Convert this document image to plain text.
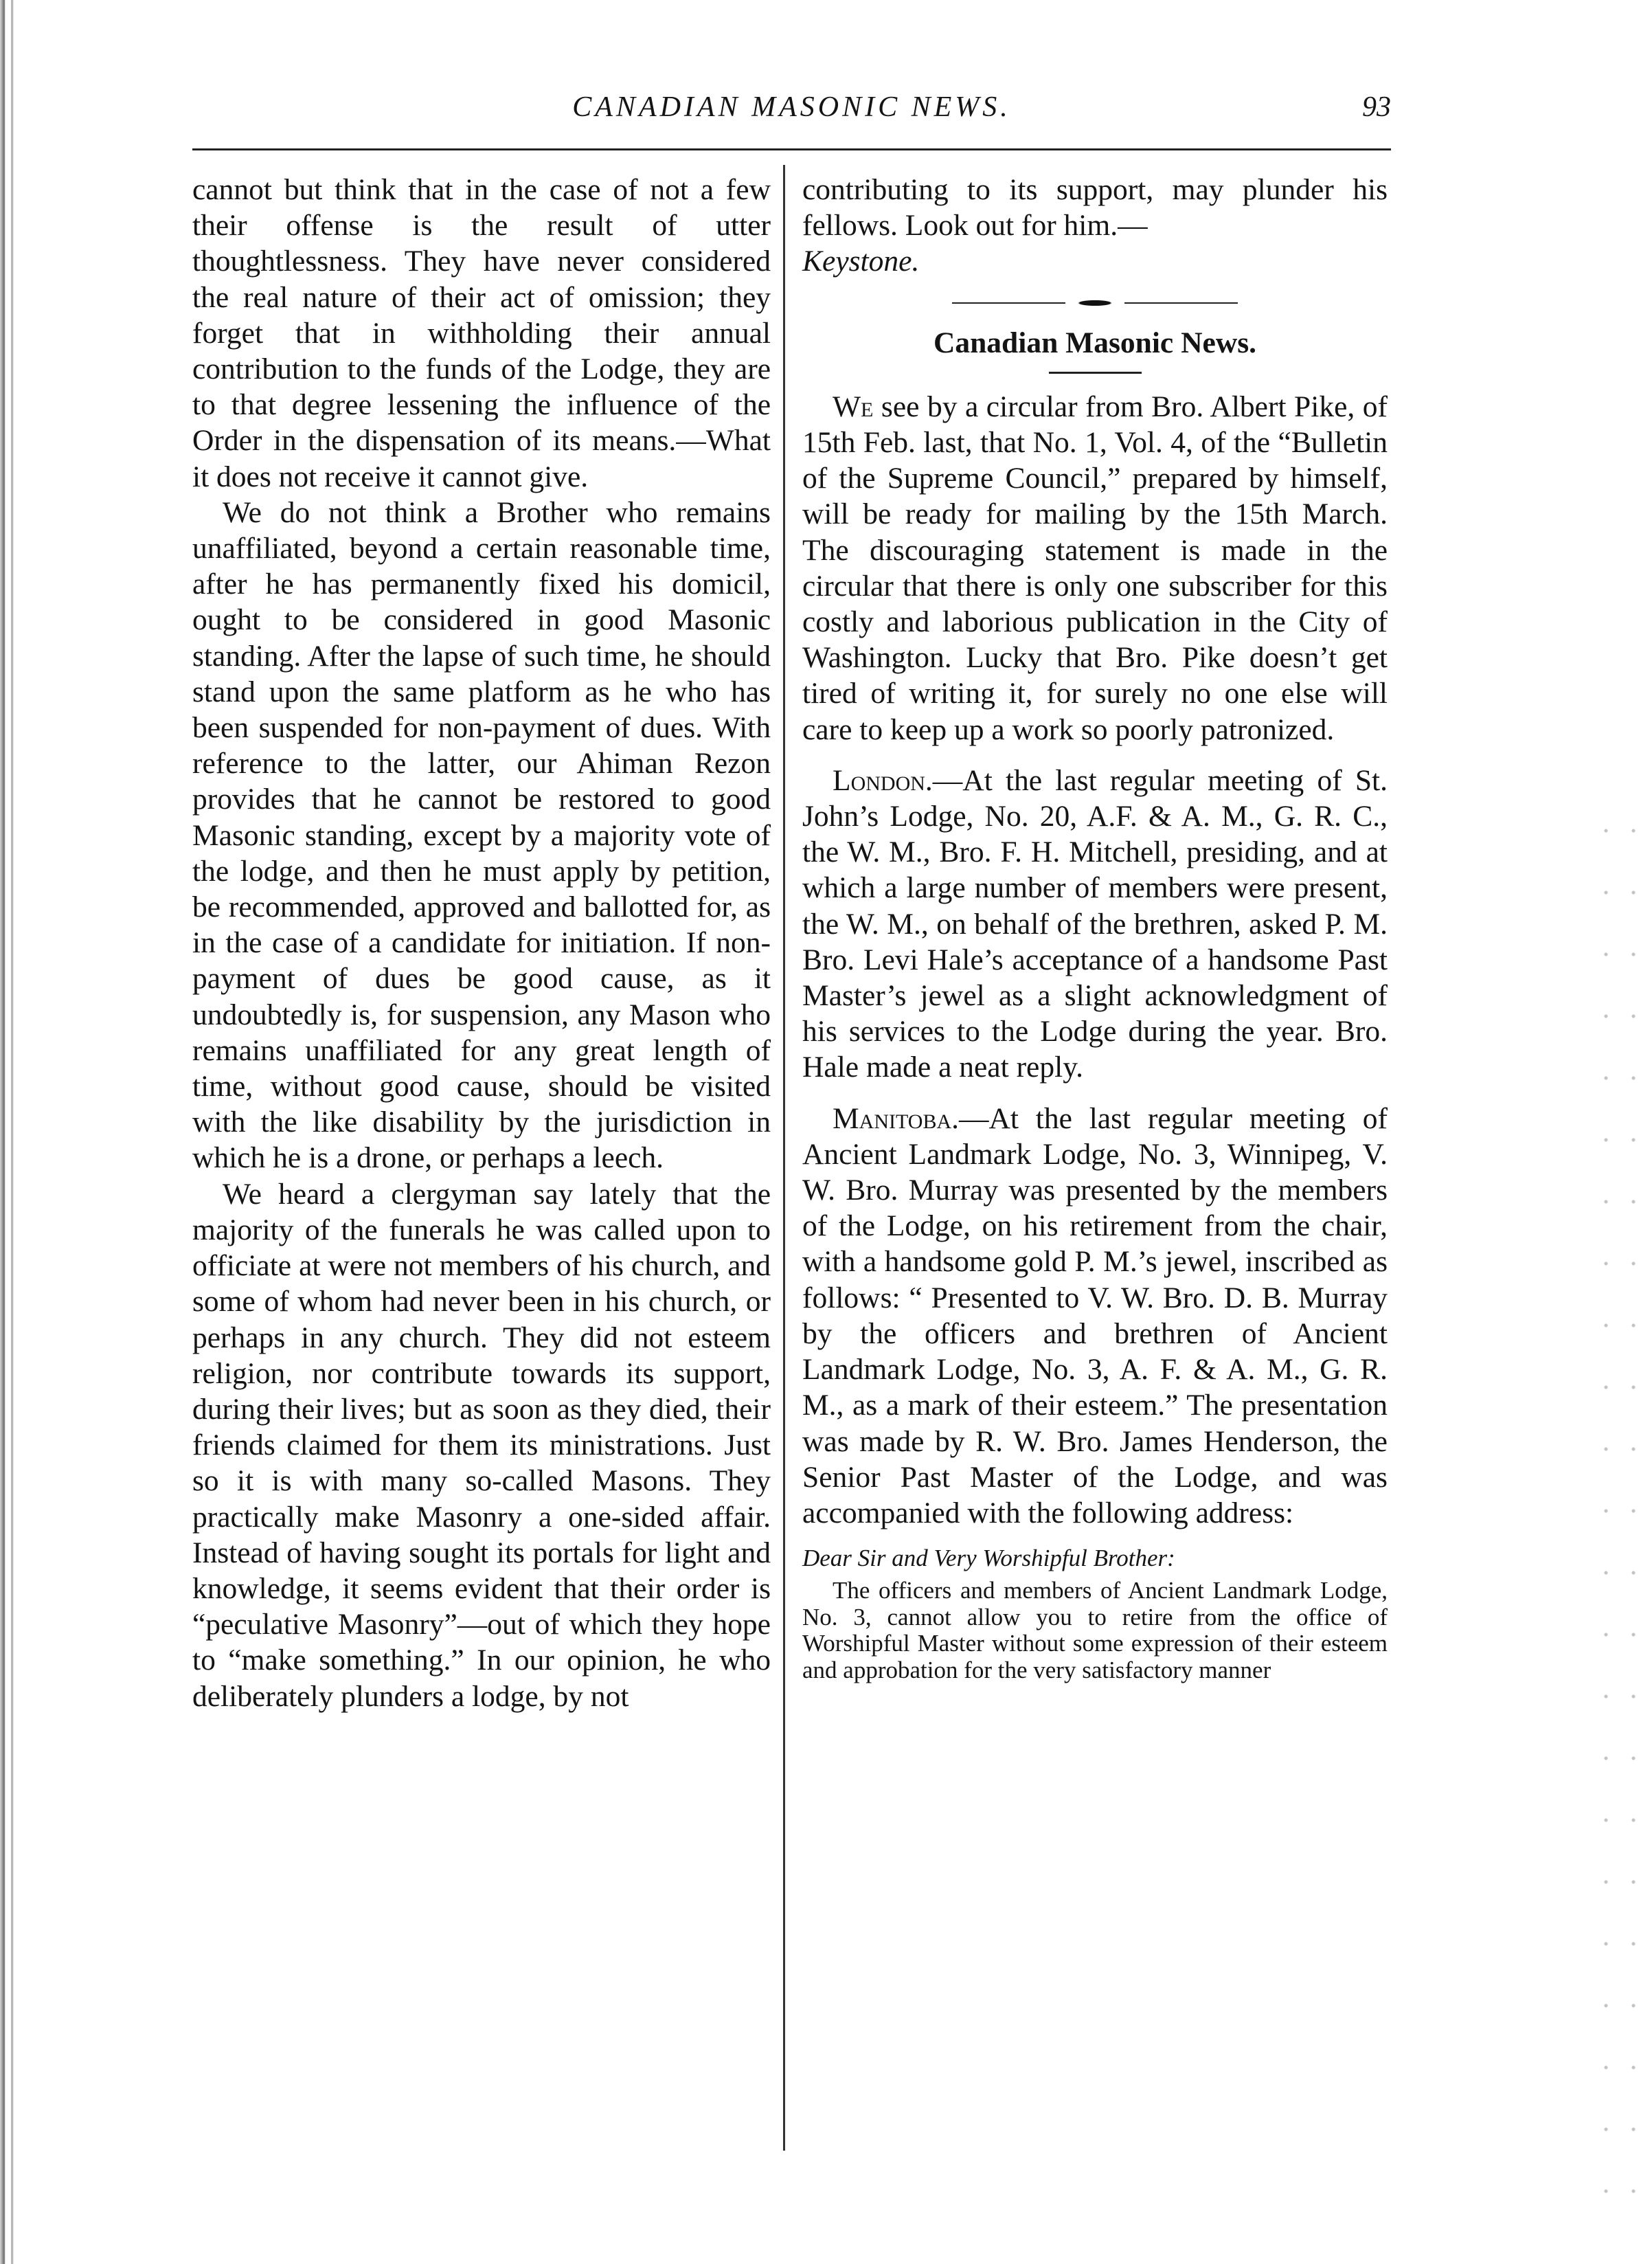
CANADIAN MASONIC NEWS.	93

cannot but think that in the case of not a few their offense is the result of utter thoughtlessness. They have never considered the real nature of their act of omission; they forget that in withholding their annual contribution to the funds of the Lodge, they are to that degree lessening the influence of the Order in the dispensation of its means.—What it does not receive it cannot give.

We do not think a Brother who remains unaffiliated, beyond a certain reasonable time, after he has permanently fixed his domicil, ought to be considered in good Masonic standing. After the lapse of such time, he should stand upon the same platform as he who has been suspended for non-payment of dues. With reference to the latter, our Ahiman Rezon provides that he cannot be restored to good Masonic standing, except by a majority vote of the lodge, and then he must apply by petition, be recommended, approved and ballotted for, as in the case of a candidate for initiation. If non-payment of dues be good cause, as it undoubtedly is, for suspension, any Mason who remains unaffiliated for any great length of time, without good cause, should be visited with the like disability by the jurisdiction in which he is a drone, or perhaps a leech.

We heard a clergyman say lately that the majority of the funerals he was called upon to officiate at were not members of his church, and some of whom had never been in his church, or perhaps in any church. They did not esteem religion, nor contribute towards its support, during their lives; but as soon as they died, their friends claimed for them its ministrations. Just so it is with many so-called Masons. They practically make Masonry a one-sided affair. Instead of having sought its portals for light and knowledge, it seems evident that their order is “peculative Masonry”—out of which they hope to “make something.” In our opinion, he who deliberately plunders a lodge, by not

contributing to its support, may plunder his fellows. Look out for him.—
Keystone.

Canadian Masonic News.

We see by a circular from Bro. Albert Pike, of 15th Feb. last, that No. 1, Vol. 4, of the “Bulletin of the Supreme Council,” prepared by himself, will be ready for mailing by the 15th March. The discouraging statement is made in the circular that there is only one subscriber for this costly and laborious publication in the City of Washington. Lucky that Bro. Pike doesn’t get tired of writing it, for surely no one else will care to keep up a work so poorly patronized.

London.—At the last regular meeting of St. John’s Lodge, No. 20, A.F. & A. M., G. R. C., the W. M., Bro. F. H. Mitchell, presiding, and at which a large number of members were present, the W. M., on behalf of the brethren, asked P. M. Bro. Levi Hale’s acceptance of a handsome Past Master’s jewel as a slight acknowledgment of his services to the Lodge during the year. Bro. Hale made a neat reply.

Manitoba.—At the last regular meeting of Ancient Landmark Lodge, No. 3, Winnipeg, V. W. Bro. Murray was presented by the members of the Lodge, on his retirement from the chair, with a handsome gold P. M.’s jewel, inscribed as follows: “ Presented to V. W. Bro. D. B. Murray by the officers and brethren of Ancient Landmark Lodge, No. 3, A. F. & A. M., G. R. M., as a mark of their esteem.” The presentation was made by R. W. Bro. James Henderson, the Senior Past Master of the Lodge, and was accompanied with the following address:

Dear Sir and Very Worshipful Brother:

The officers and members of Ancient Landmark Lodge, No. 3, cannot allow you to retire from the office of Worshipful Master without some expression of their esteem and approbation for the very satisfactory manner
